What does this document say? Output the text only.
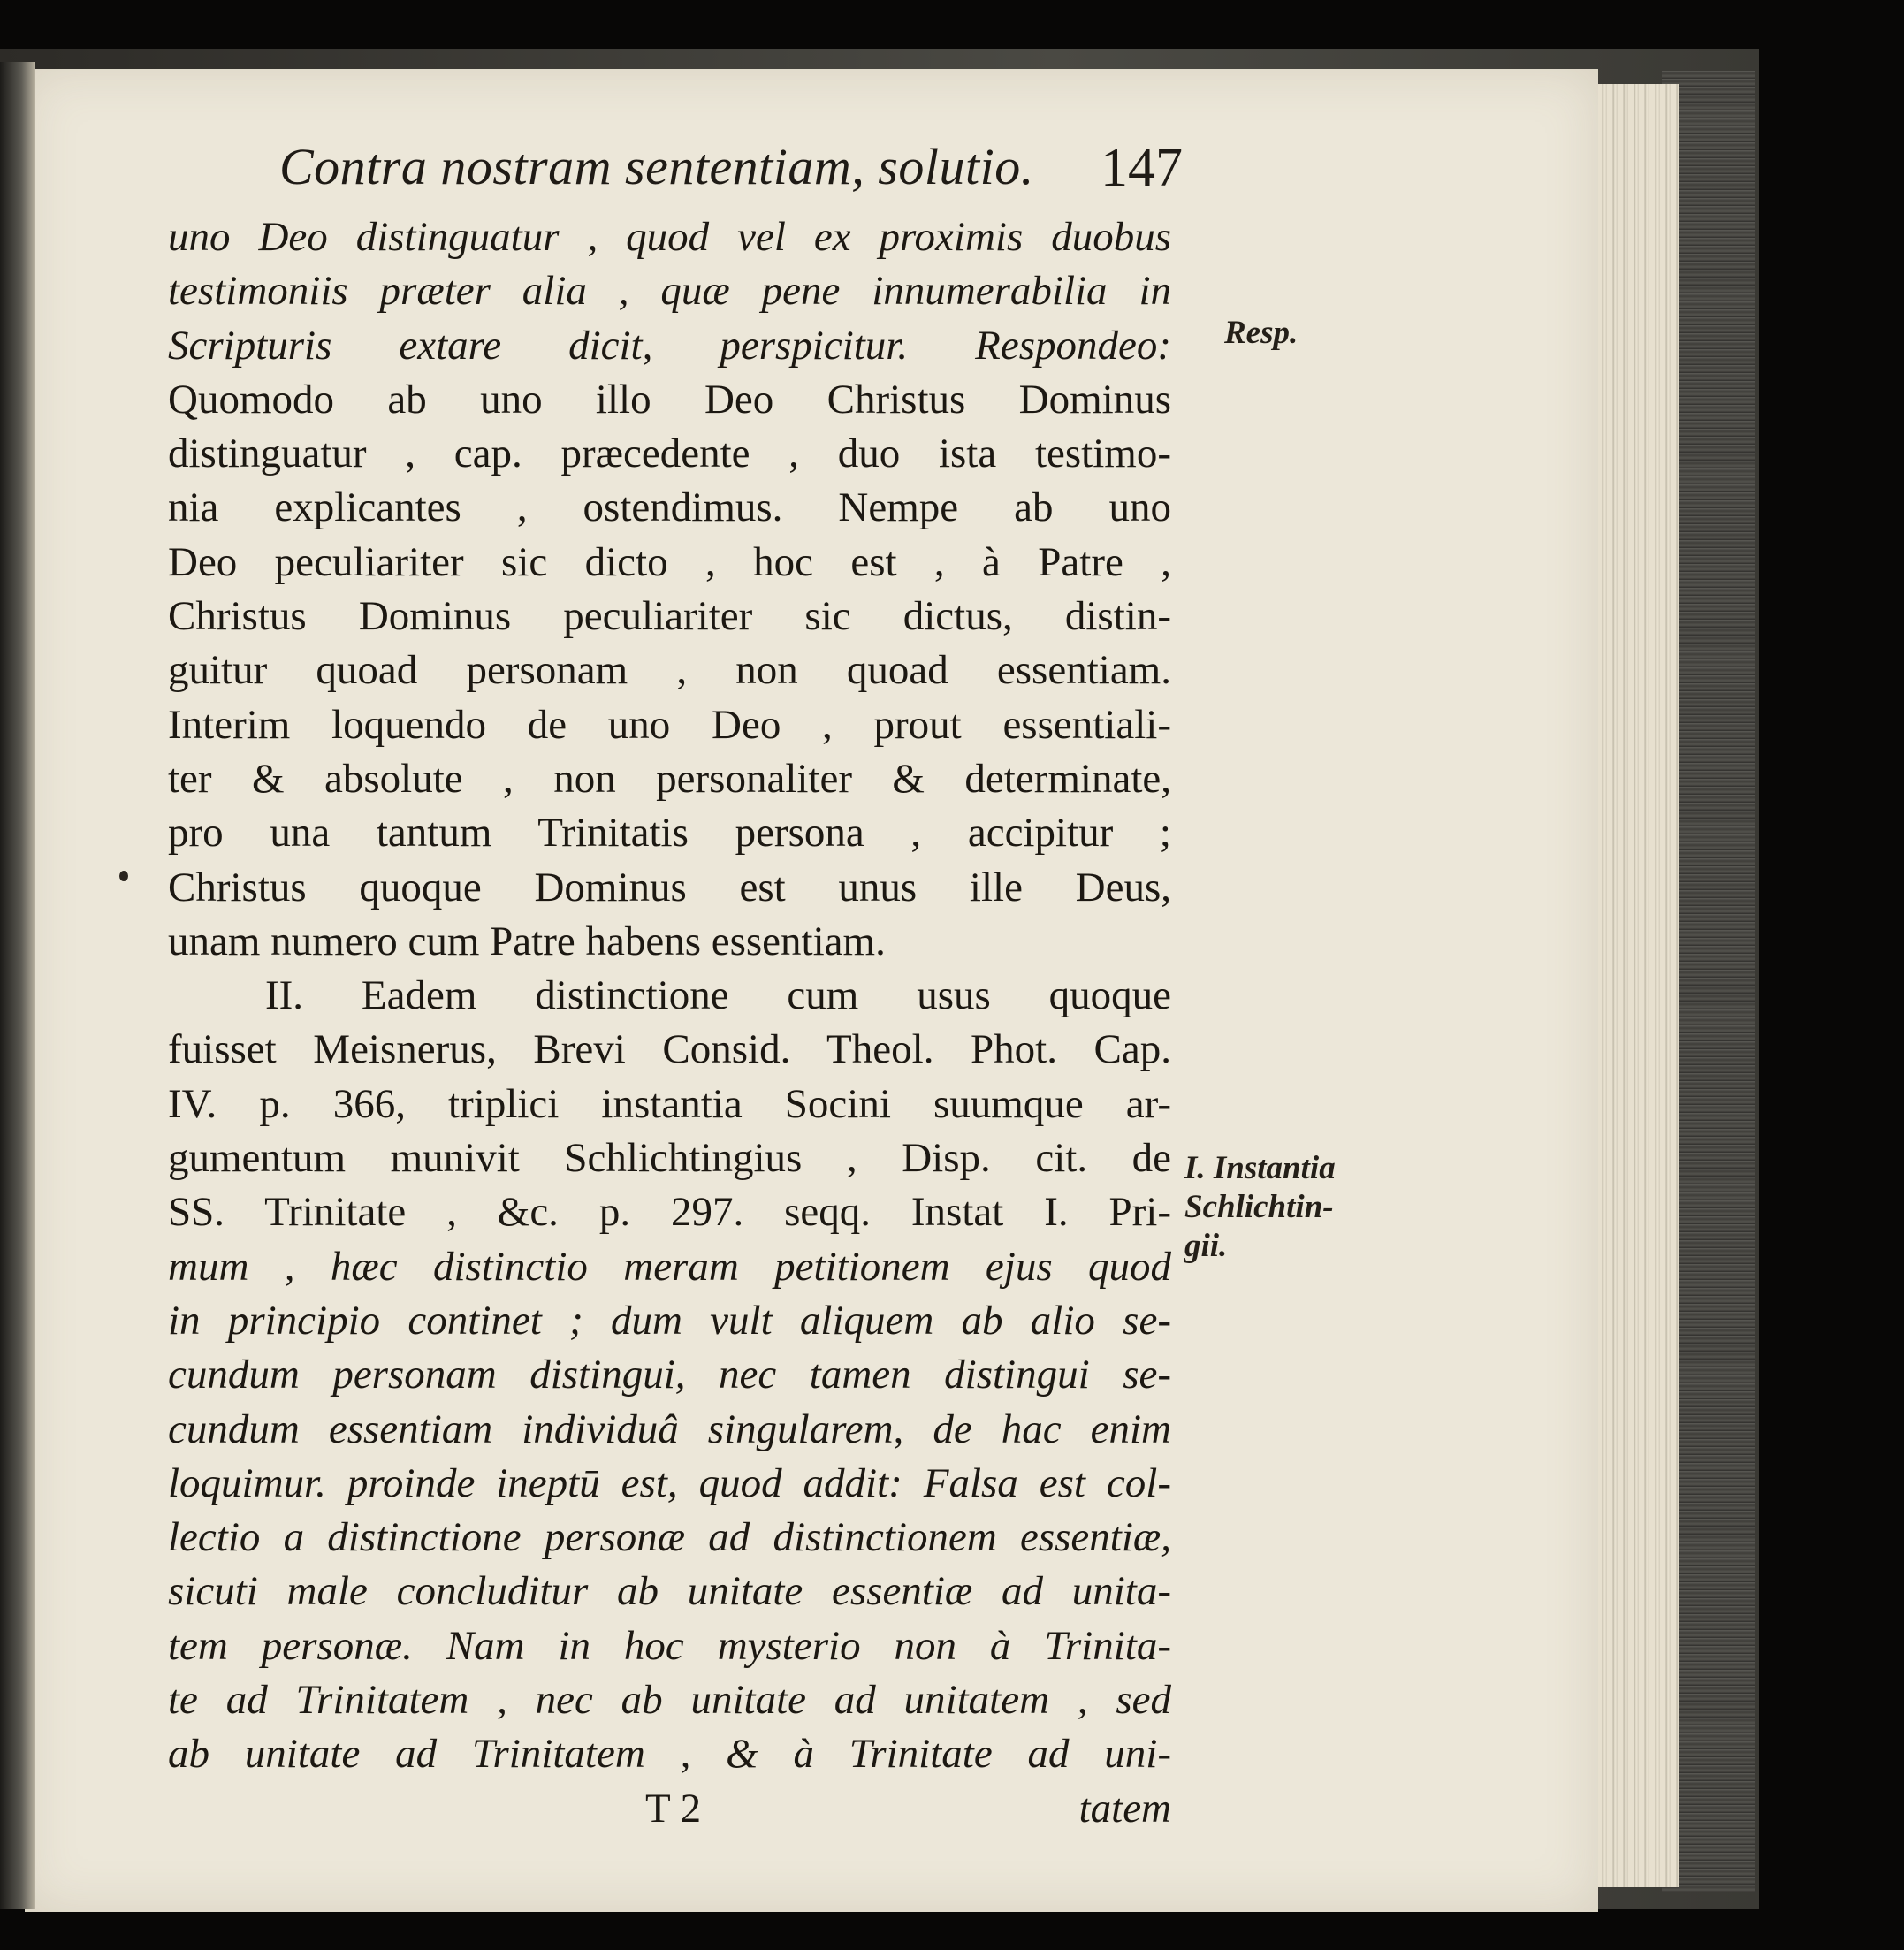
Contra nostram sententiam, solutio. 147
uno Deo distinguatur , quod vel ex proximis duobus
testimoniis præter alia , quæ pene innumerabilia in
Scripturis extare dicit, perspicitur. Respondeo:
Quomodo ab uno illo Deo Christus Dominus
distinguatur , cap. præcedente , duo ista testimo-
nia explicantes , ostendimus. Nempe ab uno
Deo peculiariter sic dicto , hoc est , à Patre ,
Christus Dominus peculiariter sic dictus, distin-
guitur quoad personam , non quoad essentiam.
Interim loquendo de uno Deo , prout essentiali-
ter & absolute , non personaliter & determinate,
pro una tantum Trinitatis persona , accipitur ;
Christus quoque Dominus est unus ille Deus,
unam numero cum Patre habens essentiam.
II. Eadem distinctione cum usus quoque
fuisset Meisnerus, Brevi Consid. Theol. Phot. Cap.
IV. p. 366, triplici instantia Socini suumque ar-
gumentum munivit Schlichtingius , Disp. cit. de
SS. Trinitate , &c. p. 297. seqq. Instat I. Pri-
mum , hæc distinctio meram petitionem ejus quod
in principio continet ; dum vult aliquem ab alio se-
cundum personam distingui, nec tamen distingui se-
cundum essentiam individuâ singularem, de hac enim
loquimur. proinde ineptū est, quod addit: Falsa est col-
lectio a distinctione personæ ad distinctionem essentiæ,
sicuti male concluditur ab unitate essentiæ ad unita-
tem personæ. Nam in hoc mysterio non à Trinita-
te ad Trinitatem , nec ab unitate ad unitatem , sed
ab unitate ad Trinitatem , & à Trinitate ad uni-
T 2	tatem
Resp.
I. Instantia
Schlichtin-
gii.
